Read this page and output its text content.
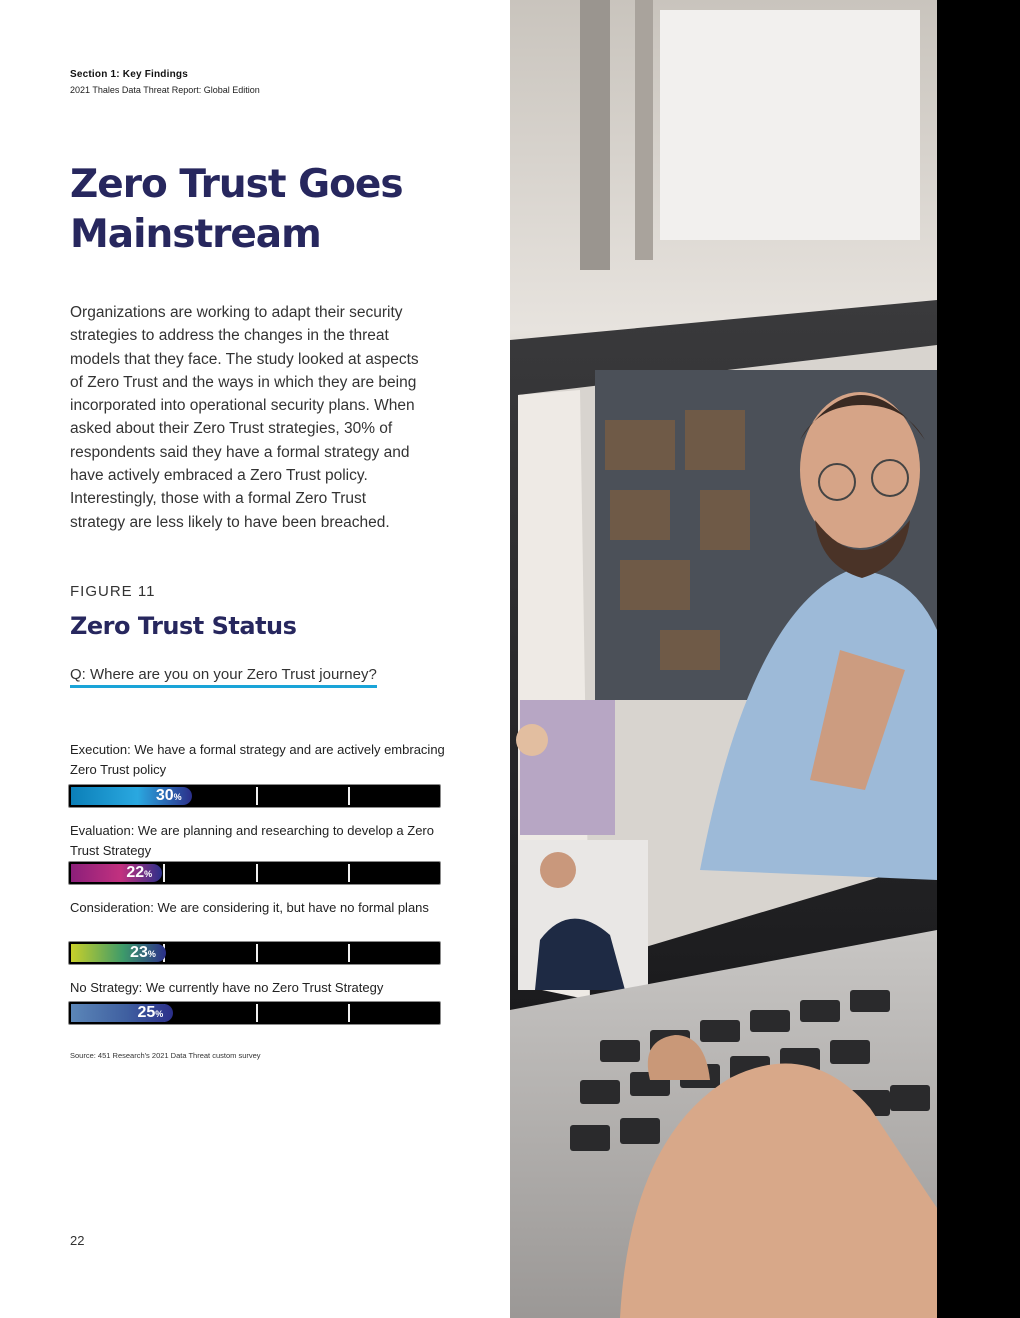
Section 1: Key Findings
2021 Thales Data Threat Report: Global Edition
Zero Trust Goes
Mainstream

Organizations are working to adapt their security strategies to address the changes in the threat models that they face. The study looked at aspects of Zero Trust and the ways in which they are being incorporated into operational security plans. When asked about their Zero Trust strategies, 30% of respondents said they have a formal strategy and have actively embraced a Zero Trust policy. Interestingly, those with a formal Zero Trust strategy are less likely to have been breached.

FIGURE 11
Zero Trust Status
Q: Where are you on your Zero Trust journey?
Execution: We have a formal strategy and are actively embracing Zero Trust policy
30%
Evaluation: We are planning and researching to develop a Zero Trust Strategy
22%
Consideration: We are considering it, but have no formal plans
23%
No Strategy: We currently have no Zero Trust Strategy
25%
Source: 451 Research's 2021 Data Threat custom survey
22
